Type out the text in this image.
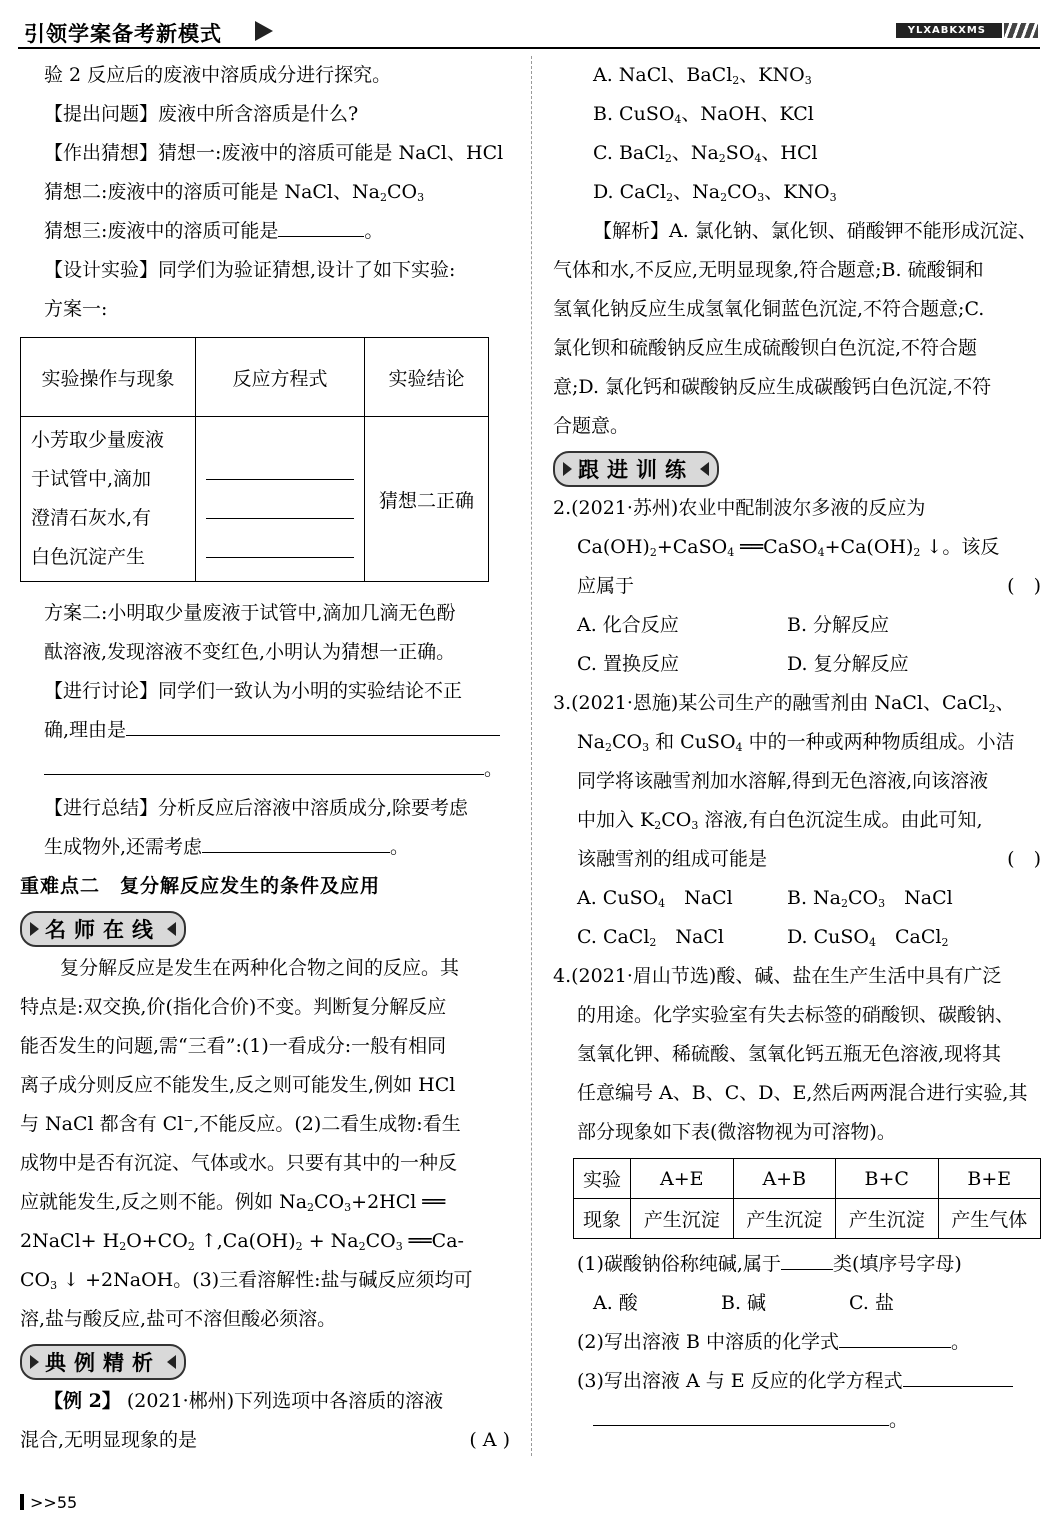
引领学案备考新模式	YLXABKXMS
验 2 反应后的废液中溶质成分进行探究。
【提出问题】废液中所含溶质是什么?
【作出猜想】猜想一:废液中的溶质可能是 NaCl、HCl
猜想二:废液中的溶质可能是 NaCl、$Na_2CO_3$
猜想三:废液中的溶质可能是	。
【设计实验】同学们为验证猜想,设计了如下实验:
方案一:
实验操作与现象	反应方程式	实验结论

小芳取少量废液
于试管中,滴加
澄清石灰水,有
白色沉淀产生		猜想二正确
方案二:小明取少量废液于试管中,滴加几滴无色酚
酞溶液,发现溶液不变红色,小明认为猜想一正确。
【进行讨论】同学们一致认为小明的实验结论不正
确,理由是
。
【进行总结】分析反应后溶液中溶质成分,除要考虑
生成物外,还需考虑	。
重难点二　复分解反应发生的条件及应用
名师在线
复分解反应是发生在两种化合物之间的反应。其
特点是:双交换,价(指化合价)不变。判断复分解反应
能否发生的问题,需“三看”:(1)一看成分:一般有相同
离子成分则反应不能发生,反之则可能发生,例如 HCl
与 NaCl 都含有 Cl⁻,不能反应。(2)二看生成物:看生
成物中是否有沉淀、气体或水。只要有其中的一种反
应就能发生,反之则不能。例如 $Na_2CO_3+2HCl$ ══
2NaCl+ $H_2O+CO_2$ $↑,Ca(OH)_2 + Na_2CO_3$ ══Ca-
$CO_3$ ↓ +2NaOH。(3)三看溶解性:盐与碱反应须均可
溶,盐与酸反应,盐可不溶但酸必须溶。
典例精析
【例 2】 (2021·郴州)下列选项中各溶质的溶液
混合,无明显现象的是	( A )
A. NaCl、BaCl$_2$、$KNO_3$
B. CuSO$_4$、NaOH、KCl
C. BaCl$_2$、$Na_2SO_4$、HCl
D. CaCl$_2$、$Na_2CO_3$、$KNO_3$
【解析】A. 氯化钠、氯化钡、硝酸钾不能形成沉淀、
气体和水,不反应,无明显现象,符合题意;B. 硫酸铜和
氢氧化钠反应生成氢氧化铜蓝色沉淀,不符合题意;C.
氯化钡和硫酸钠反应生成硫酸钡白色沉淀,不符合题
意;D. 氯化钙和碳酸钠反应生成碳酸钙白色沉淀,不符
合题意。
跟进训练
2.(2021·苏州)农业中配制波尔多液的反应为
$Ca(OH)_2+CaSO_4$ $══CaSO_4+Ca(OH)_2$ ↓。该反
应属于	(　)
A. 化合反应	B. 分解反应
C. 置换反应	D. 复分解反应
3.(2021·恩施)某公司生产的融雪剂由 NaCl、CaCl$_2$、
$Na_2CO_3$ 和 CuSO$_4$ 中的一种或两种物质组成。小洁
同学将该融雪剂加水溶解,得到无色溶液,向该溶液
中加入 $K_2CO_3$ 溶液,有白色沉淀生成。由此可知,
该融雪剂的组成可能是	(　)
A. CuSO$_4$　NaCl	B. $Na_2CO_3$　NaCl
C. CaCl$_2$　NaCl	D. CuSO$_4$　CaCl$_2$
4.(2021·眉山节选)酸、碱、盐在生产生活中具有广泛
的用途。化学实验室有失去标签的硝酸钡、碳酸钠、
氢氧化钾、稀硫酸、氢氧化钙五瓶无色溶液,现将其
任意编号 A、B、C、D、E,然后两两混合进行实验,其
部分现象如下表(微溶物视为可溶物)。
实验	A+E	A+B	B+C	B+E
现象	产生沉淀	产生沉淀	产生沉淀	产生气体
(1)碳酸钠俗称纯碱,属于	类(填序号字母)
A. 酸	B. 碱	C. 盐
(2)写出溶液 B 中溶质的化学式	。
(3)写出溶液 A 与 E 反应的化学方程式
。
>>55
